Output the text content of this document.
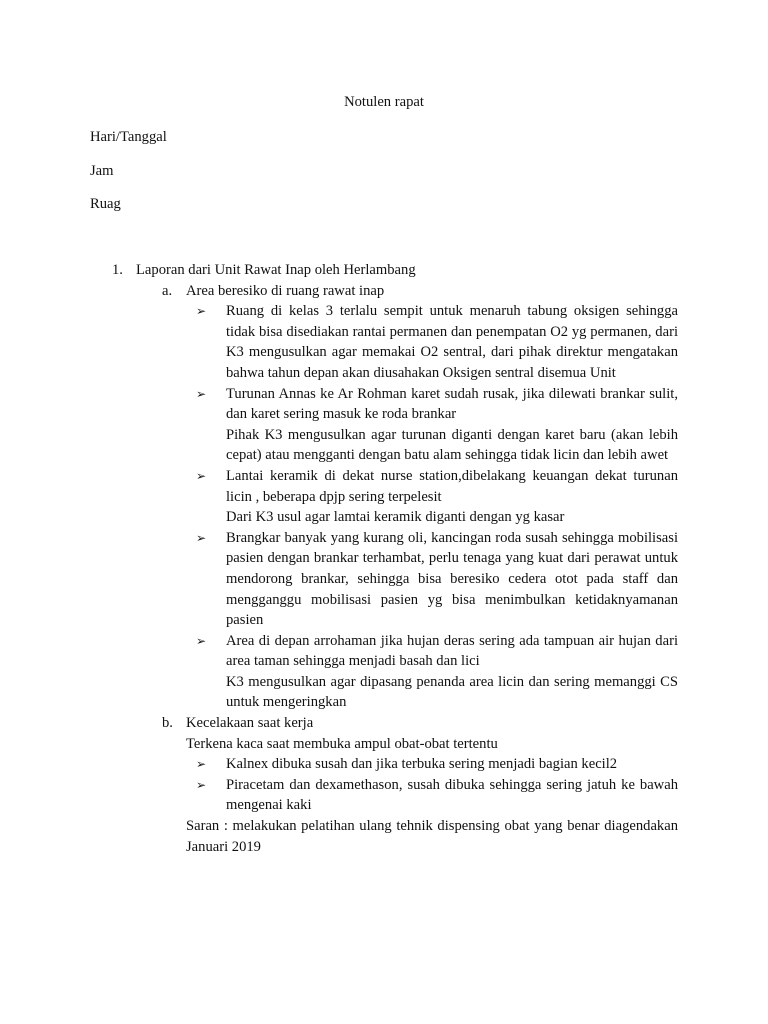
Notulen rapat
Hari/Tanggal
Jam
Ruag
1. Laporan dari Unit Rawat Inap oleh Herlambang
a. Area beresiko di ruang rawat inap
➢ Ruang di kelas 3 terlalu sempit untuk menaruh tabung oksigen sehingga tidak bisa disediakan rantai permanen dan penempatan O2 yg permanen, dari K3 mengusulkan agar memakai O2 sentral, dari pihak direktur mengatakan bahwa tahun depan akan diusahakan Oksigen sentral disemua Unit
➢ Turunan Annas ke Ar Rohman karet sudah rusak, jika dilewati brankar sulit, dan karet sering masuk ke roda brankar
Pihak K3 mengusulkan agar turunan diganti dengan karet baru (akan lebih cepat) atau mengganti dengan batu alam sehingga tidak licin dan lebih awet
➢ Lantai keramik di dekat nurse station,dibelakang keuangan dekat turunan licin , beberapa dpjp sering terpelesit
Dari K3 usul agar lamtai keramik diganti dengan yg kasar
➢ Brangkar banyak yang kurang oli, kancingan roda susah sehingga mobilisasi pasien dengan brankar terhambat, perlu tenaga yang kuat dari perawat untuk mendorong brankar, sehingga bisa beresiko cedera otot pada staff dan mengganggu mobilisasi pasien yg bisa menimbulkan ketidaknyamanan pasien
➢ Area di depan arrohaman jika hujan deras sering ada tampuan air hujan dari area taman sehingga menjadi basah dan lici
K3 mengusulkan agar dipasang penanda area licin dan sering memanggi CS untuk mengeringkan
b. Kecelakaan saat kerja
Terkena kaca saat membuka ampul obat-obat tertentu
➢ Kalnex dibuka susah dan jika terbuka sering menjadi bagian kecil2
➢ Piracetam dan dexamethason, susah dibuka sehingga sering jatuh ke bawah mengenai kaki
Saran : melakukan pelatihan ulang tehnik dispensing obat yang benar diagendakan Januari 2019
